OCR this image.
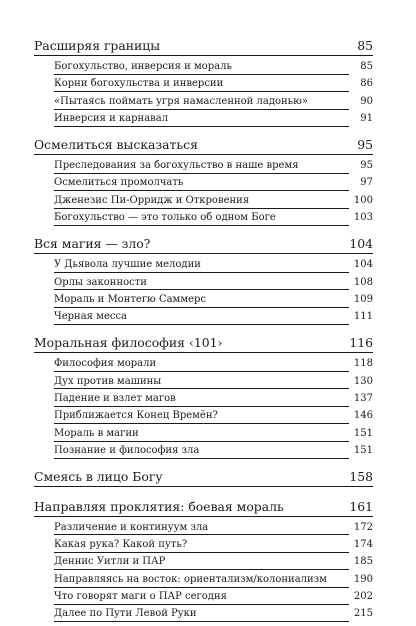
Расширяя границы	85
Богохульство, инверсия и мораль	85
Корни богохульства и инверсии	86
«Пытаясь поймать угря намасленной ладонью»	90
Инверсия и карнавал	91
Осмелиться высказаться	95
Преследования за богохульство в наше время	95
Осмелиться промолчать	97
Дженезис Пи-Орридж и Откровения	100
Богохульство — это только об одном Боге	103
Вся магия — зло?	104
У Дьявола лучшие мелодии	104
Орлы законности	108
Мораль и Монтегю Саммерс	109
Черная месса	111
Моральная философия ‹101›	116
Философия морали	118
Дух против машины	130
Падение и взлет магов	137
Приближается Конец Времён?	146
Мораль в магии	151
Познание и философия зла	151
Смеясь в лицо Богу	158
Направляя проклятия: боевая мораль	161
Различение и континуум зла	172
Какая рука? Какой путь?	174
Деннис Уитли и ПАР	185
Направляясь на восток: ориентализм/колониализм	190
Что говорят маги о ПАР сегодня	202
Далее по Пути Левой Руки	215
